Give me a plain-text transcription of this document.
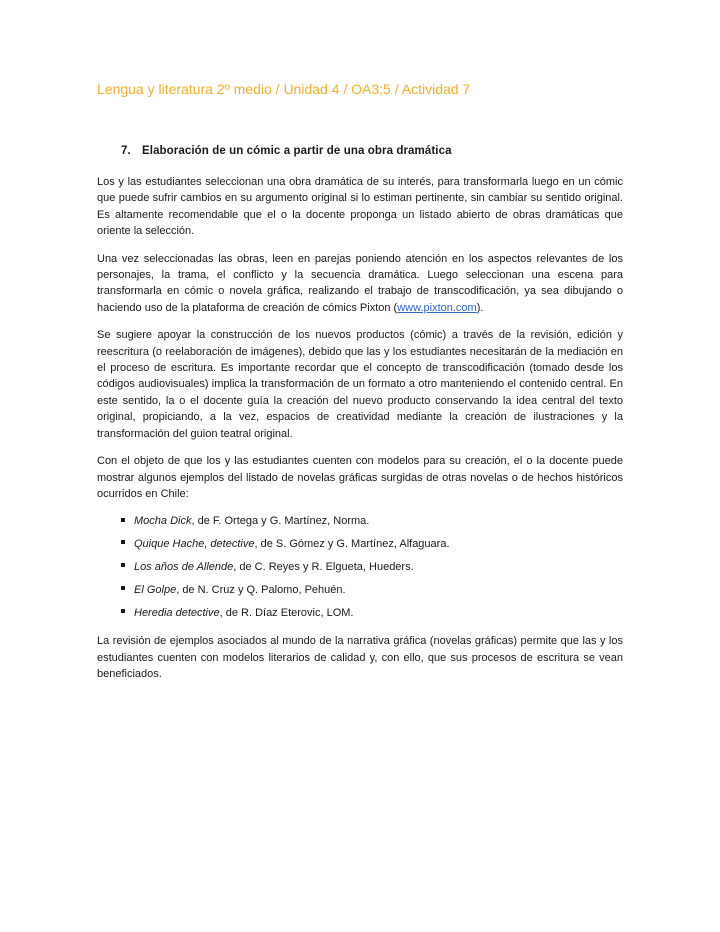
Lengua y literatura 2º medio / Unidad 4 / OA3;5 / Actividad 7
7. Elaboración de un cómic a partir de una obra dramática

Los y las estudiantes seleccionan una obra dramática de su interés, para transformarla luego en un cómic que puede sufrir cambios en su argumento original si lo estiman pertinente, sin cambiar su sentido original. Es altamente recomendable que el o la docente proponga un listado abierto de obras dramáticas que oriente la selección.

Una vez seleccionadas las obras, leen en parejas poniendo atención en los aspectos relevantes de los personajes, la trama, el conflicto y la secuencia dramática. Luego seleccionan una escena para transformarla en cómic o novela gráfica, realizando el trabajo de transcodificación, ya sea dibujando o haciendo uso de la plataforma de creación de cómics Pixton (www.pixton.com).

Se sugiere apoyar la construcción de los nuevos productos (cómic) a través de la revisión, edición y reescritura (o reelaboración de imágenes), debido que las y los estudiantes necesitarán de la mediación en el proceso de escritura. Es importante recordar que el concepto de transcodificación (tomado desde los códigos audiovisuales) implica la transformación de un formato a otro manteniendo el contenido central. En este sentido, la o el docente guía la creación del nuevo producto conservando la idea central del texto original, propiciando, a la vez, espacios de creatividad mediante la creación de ilustraciones y la transformación del guion teatral original.

Con el objeto de que los y las estudiantes cuenten con modelos para su creación, el o la docente puede mostrar algunos ejemplos del listado de novelas gráficas surgidas de otras novelas o de hechos históricos ocurridos en Chile:

Mocha Dick, de F. Ortega y G. Martínez, Norma.
Quique Hache, detective, de S. Gómez y G. Martínez, Alfaguara.
Los años de Allende, de C. Reyes y R. Elgueta, Hueders.
El Golpe, de N. Cruz y Q. Palomo, Pehuén.
Heredia detective, de R. Díaz Eterovic, LOM.

La revisión de ejemplos asociados al mundo de la narrativa gráfica (novelas gráficas) permite que las y los estudiantes cuenten con modelos literarios de calidad y, con ello, que sus procesos de escritura se vean beneficiados.
